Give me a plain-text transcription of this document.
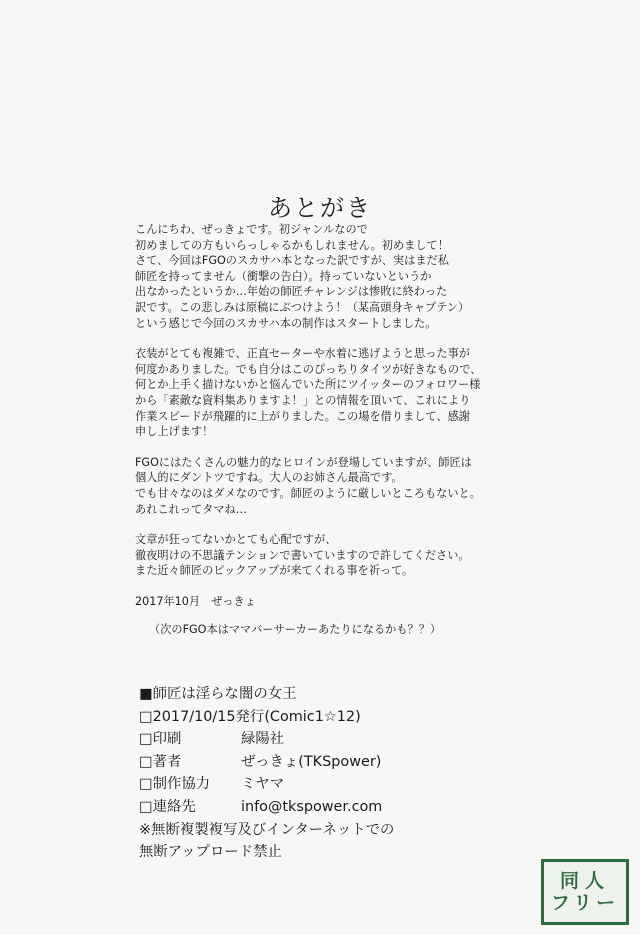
あとがき
こんにちわ、ぜっきょです。初ジャンルなので
初めましての方もいらっしゃるかもしれません。初めまして！
さて、今回はFGOのスカサハ本となった訳ですが、実はまだ私
師匠を持ってません（衝撃の告白）。持っていないというか
出なかったというか…年始の師匠チャレンジは惨敗に終わった
訳です。この悲しみは原稿にぶつけよう！（某高頭身キャプテン）
という感じで今回のスカサハ本の制作はスタートしました。
衣装がとても複雑で、正直セーターや水着に逃げようと思った事が
何度かありました。でも自分はこのぴっちりタイツが好きなもので、
何とか上手く描けないかと悩んでいた所にツイッターのフォロワー様
から「素敵な資料集ありますよ！」との情報を頂いて、これにより
作業スピードが飛躍的に上がりました。この場を借りまして、感謝
申し上げます！
FGOにはたくさんの魅力的なヒロインが登場していますが、師匠は
個人的にダントツですね。大人のお姉さん最高です。
でも甘々なのはダメなのです。師匠のように厳しいところもないと。
あれこれってタマね…
文章が狂ってないかとても心配ですが、
徹夜明けの不思議テンションで書いていますので許してください。
また近々師匠のピックアップが来てくれる事を祈って。
2017年10月　ぜっきょ
（次のFGO本はママバーサーカーあたりになるかも？？）
■師匠は淫らな闇の女王
□2017/10/15発行(Comic1☆12)
□印刷	緑陽社
□著者	ぜっきょ(TKSpower)
□制作協力	ミヤマ
□連絡先	info@tkspower.com
※無断複製複写及びインターネットでの
無断アップロード禁止
同人
フリー
